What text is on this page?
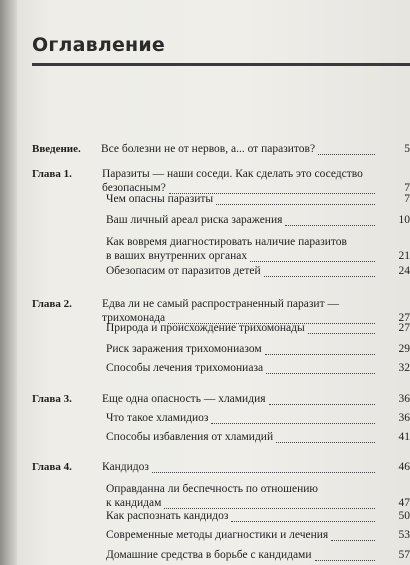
Оглавление
Введение. Все болезни не от нервов, а... от паразитов?	5
Глава 1.	Паразиты — наши соседи. Как сделать это соседство
безопасным?	7
Чем опасны паразиты	7
Ваш личный ареал риска заражения	10
Как вовремя диагностировать наличие паразитов
в ваших внутренних органах	21
Обезопасим от паразитов детей	24
Глава 2.	Едва ли не самый распространенный паразит —
трихомонада	27
Природа и происхождение трихомонады	27
Риск заражения трихомониазом	29
Способы лечения трихомониаза	32
Глава 3.	Еще одна опасность — хламидия	36
Что такое хламидиоз	36
Способы избавления от хламидий	41
Глава 4.	Кандидоз	46
Оправданна ли беспечность по отношению
к кандидам	47
Как распознать кандидоз	50
Современные методы диагностики и лечения	53
Домашние средства в борьбе с кандидами	57
